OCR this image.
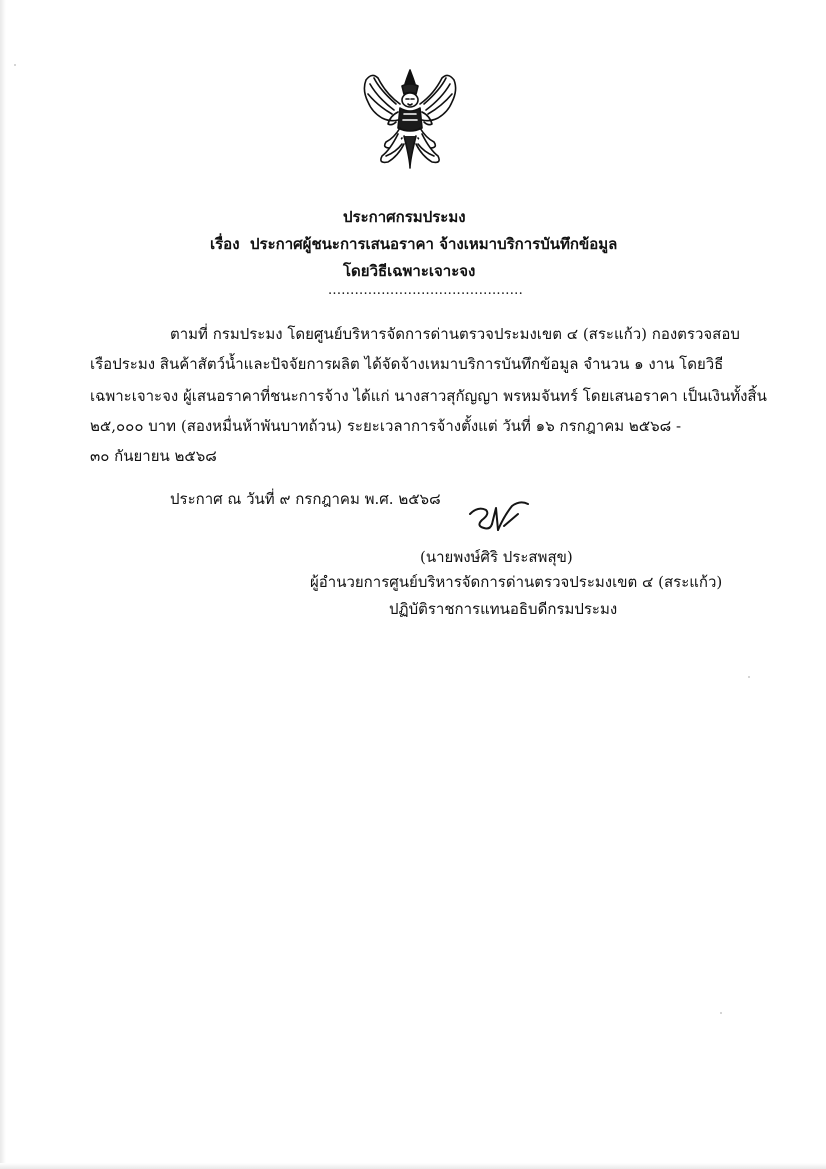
ประกาศกรมประมง
เรื่อง ประกาศผู้ชนะการเสนอราคา จ้างเหมาบริการบันทึกข้อมูล
โดยวิธีเฉพาะเจาะจง
............................................
ตามที่ กรมประมง โดยศูนย์บริหารจัดการด่านตรวจประมงเขต ๔ (สระแก้ว) กองตรวจสอบ
เรือประมง สินค้าสัตว์น้ำและปัจจัยการผลิต ได้จัดจ้างเหมาบริการบันทึกข้อมูล จำนวน ๑ งาน โดยวิธี
เฉพาะเจาะจง ผู้เสนอราคาที่ชนะการจ้าง ได้แก่ นางสาวสุกัญญา พรหมจันทร์ โดยเสนอราคา เป็นเงินทั้งสิ้น
๒๕,๐๐๐ บาท (สองหมื่นห้าพันบาทถ้วน) ระยะเวลาการจ้างตั้งแต่ วันที่ ๑๖ กรกฎาคม ๒๕๖๘ -
๓๐ กันยายน ๒๕๖๘
ประกาศ ณ วันที่ ๙ กรกฎาคม พ.ศ. ๒๕๖๘
(นายพงษ์ศิริ ประสพสุข)
ผู้อำนวยการศูนย์บริหารจัดการด่านตรวจประมงเขต ๔ (สระแก้ว)
ปฏิบัติราชการแทนอธิบดีกรมประมง
